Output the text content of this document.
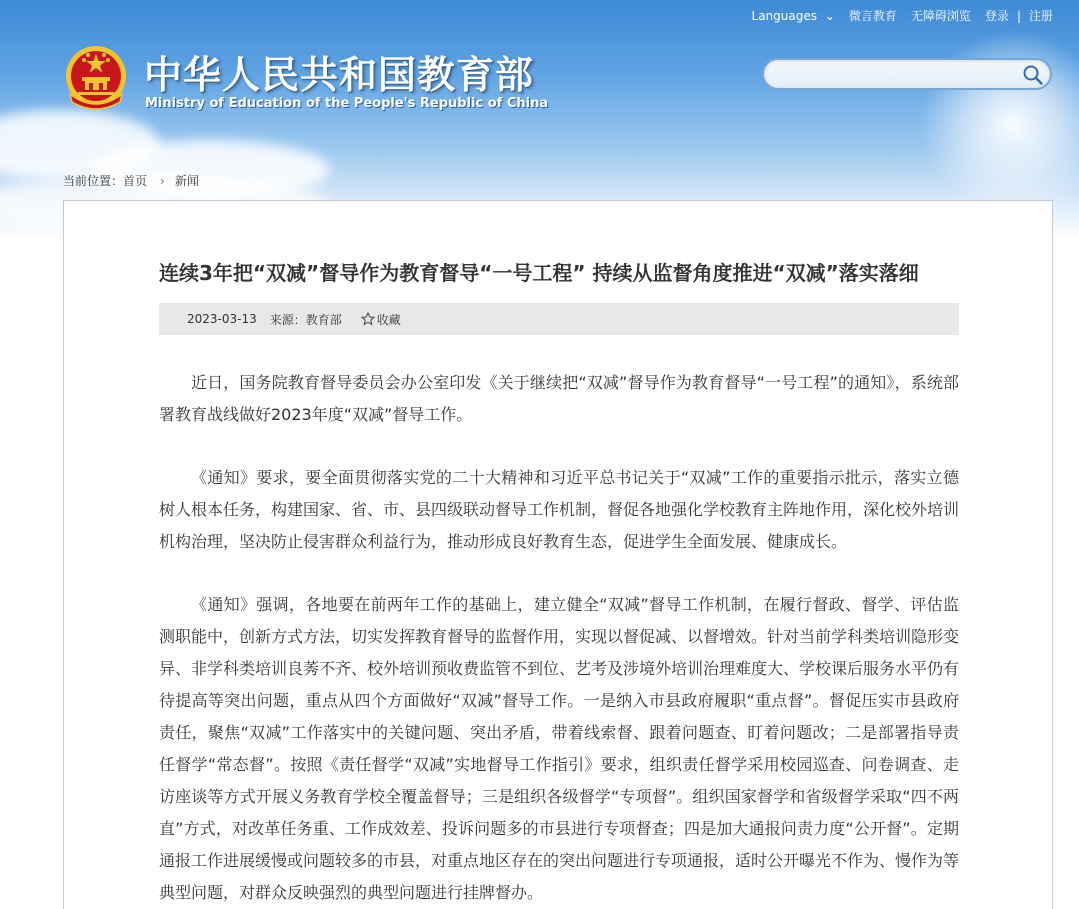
Languages ⌄ 微言教育 无障碍浏览 登录 | 注册
中华人民共和国教育部
Ministry of Education of the People's Republic of China
当前位置： 首页 › 新闻
连续3年把“双减”督导作为教育督导“一号工程” 持续从监督角度推进“双减”落实落细
2023-03-13 来源：教育部	收藏

近日，国务院教育督导委员会办公室印发《关于继续把“双减”督导作为教育督导“一号工程”的通知》，系统部署教育战线做好2023年度“双减”督导工作。

《通知》要求，要全面贯彻落实党的二十大精神和习近平总书记关于“双减”工作的重要指示批示，落实立德树人根本任务，构建国家、省、市、县四级联动督导工作机制，督促各地强化学校教育主阵地作用，深化校外培训机构治理，坚决防止侵害群众利益行为，推动形成良好教育生态，促进学生全面发展、健康成长。

《通知》强调，各地要在前两年工作的基础上，建立健全“双减”督导工作机制，在履行督政、督学、评估监测职能中，创新方式方法，切实发挥教育督导的监督作用，实现以督促减、以督增效。针对当前学科类培训隐形变异、非学科类培训良莠不齐、校外培训预收费监管不到位、艺考及涉境外培训治理难度大、学校课后服务水平仍有待提高等突出问题，重点从四个方面做好“双减”督导工作。一是纳入市县政府履职“重点督”。督促压实市县政府责任，聚焦“双减”工作落实中的关键问题、突出矛盾，带着线索督、跟着问题查、盯着问题改；二是部署指导责任督学“常态督”。按照《责任督学“双减”实地督导工作指引》要求，组织责任督学采用校园巡查、问卷调查、走访座谈等方式开展义务教育学校全覆盖督导；三是组织各级督学“专项督”。组织国家督学和省级督学采取“四不两直”方式，对改革任务重、工作成效差、投诉问题多的市县进行专项督查；四是加大通报问责力度“公开督”。定期通报工作进展缓慢或问题较多的市县，对重点地区存在的突出问题进行专项通报，适时公开曝光不作为、慢作为等典型问题，对群众反映强烈的典型问题进行挂牌督办。
